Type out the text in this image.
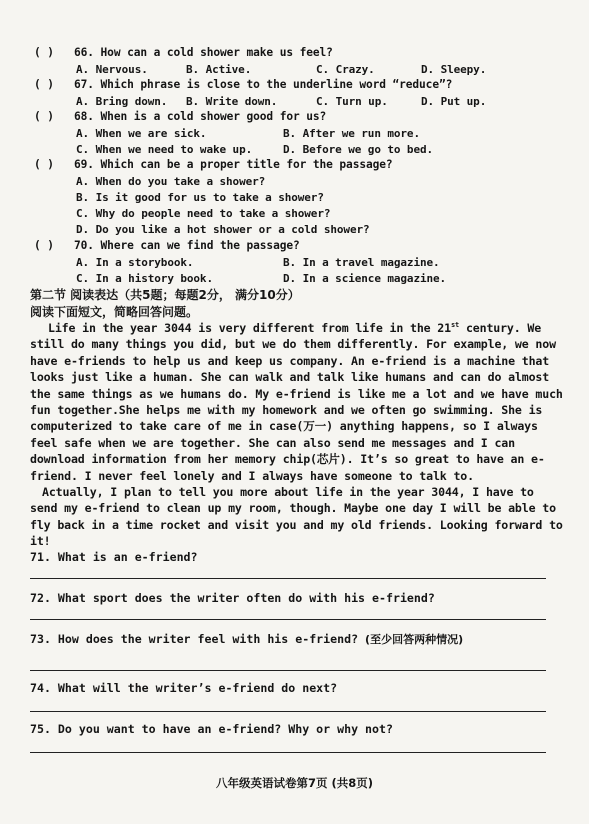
( ) 66. How can a cold shower make us feel?
A. Nervous.	B. Active.	C. Crazy.	D. Sleepy.
( ) 67. Which phrase is close to the underline word “reduce”?
A. Bring down. B. Write down.	C. Turn up.	D. Put up.
( ) 68. When is a cold shower good for us?
A. When we are sick.	B. After we run more.
C. When we need to wake up.	D. Before we go to bed.
( ) 69. Which can be a proper title for the passage?
A. When do you take a shower?
B. Is it good for us to take a shower?
C. Why do people need to take a shower?
D. Do you like a hot shower or a cold shower?
( ) 70. Where can we find the passage?
A. In a storybook.	B. In a travel magazine.
C. In a history book.	D. In a science magazine.
第二节 阅读表达（共5题；每题2分， 满分10分）
阅读下面短文，简略回答问题。
Life in the year 3044 is very different from life in the 21st century. We
still do many things you did, but we do them differently. For example, we now
have e-friends to help us and keep us company. An e-friend is a machine that
looks just like a human. She can walk and talk like humans and can do almost
the same things as we humans do. My e-friend is like me a lot and we have much
fun together.She helps me with my homework and we often go swimming. She is
computerized to take care of me in case(万一) anything happens, so I always
feel safe when we are together. She can also send me messages and I can
download information from her memory chip(芯片). It’s so great to have an e-
friend. I never feel lonely and I always have someone to talk to.
Actually, I plan to tell you more about life in the year 3044, I have to
send my e-friend to clean up my room, though. Maybe one day I will be able to
fly back in a time rocket and visit you and my old friends. Looking forward to
it!
71. What is an e-friend?
72. What sport does the writer often do with his e-friend?
73. How does the writer feel with his e-friend? (至少回答两种情况)
74. What will the writer’s e-friend do next?
75. Do you want to have an e-friend? Why or why not?
八年级英语试卷第7页 (共8页)
